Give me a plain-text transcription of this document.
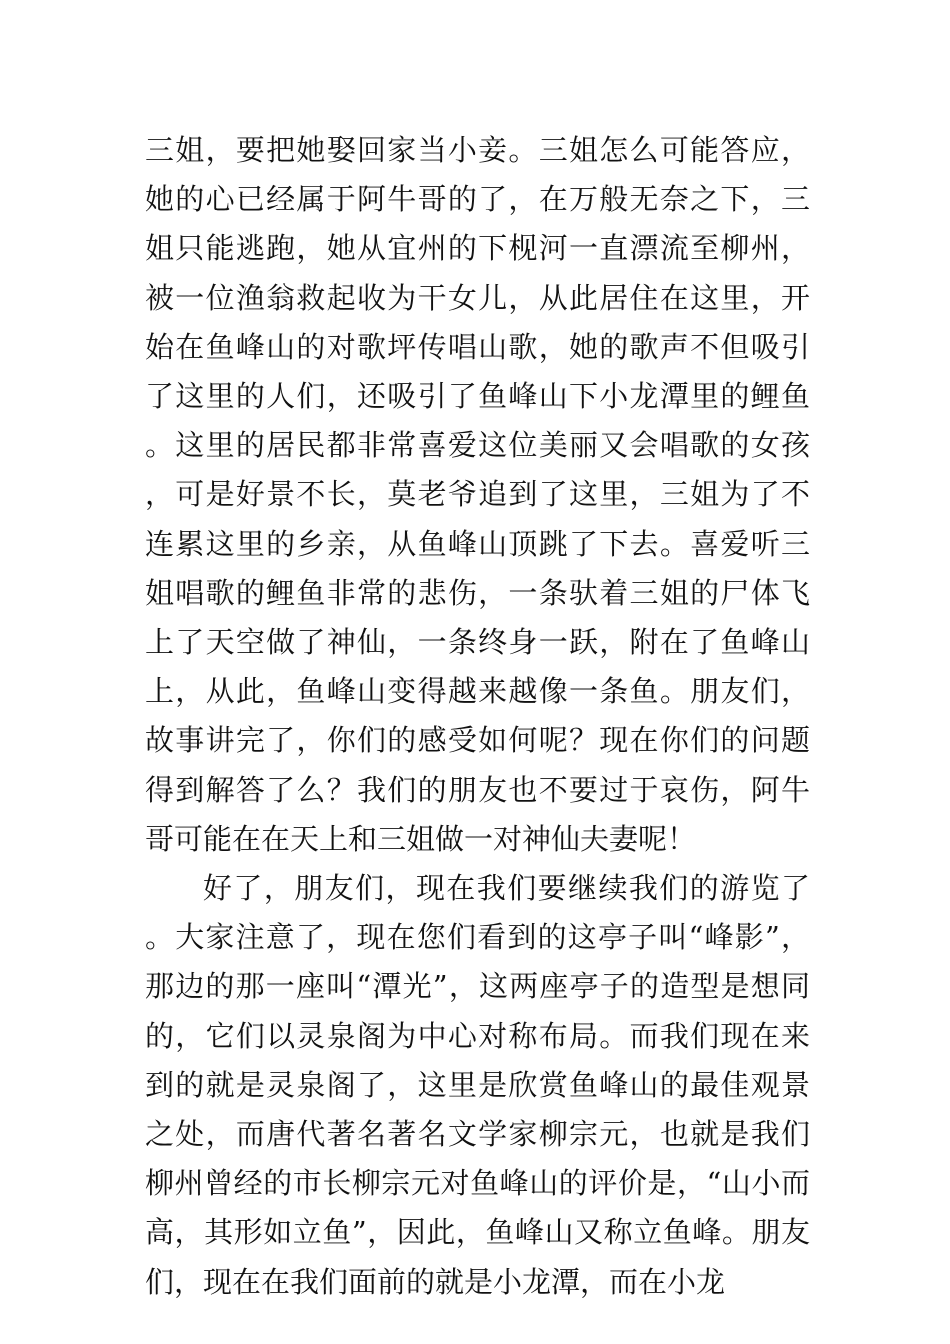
三姐，要把她娶回家当小妾。三姐怎么可能答应，她的心已经属于阿牛哥的了，在万般无奈之下，三姐只能逃跑，她从宜州的下枧河一直漂流至柳州，被一位渔翁救起收为干女儿，从此居住在这里，开始在鱼峰山的对歌坪传唱山歌，她的歌声不但吸引了这里的人们，还吸引了鱼峰山下小龙潭里的鲤鱼。这里的居民都非常喜爱这位美丽又会唱歌的女孩，可是好景不长，莫老爷追到了这里，三姐为了不连累这里的乡亲，从鱼峰山顶跳了下去。喜爱听三姐唱歌的鲤鱼非常的悲伤，一条驮着三姐的尸体飞上了天空做了神仙，一条终身一跃，附在了鱼峰山上，从此，鱼峰山变得越来越像一条鱼。朋友们，故事讲完了，你们的感受如何呢？现在你们的问题得到解答了么？我们的朋友也不要过于哀伤，阿牛哥可能在在天上和三姐做一对神仙夫妻呢！

好了，朋友们，现在我们要继续我们的游览了。大家注意了，现在您们看到的这亭子叫“峰影”，那边的那一座叫“潭光”，这两座亭子的造型是想同的，它们以灵泉阁为中心对称布局。而我们现在来到的就是灵泉阁了，这里是欣赏鱼峰山的最佳观景之处，而唐代著名著名文学家柳宗元，也就是我们柳州曾经的市长柳宗元对鱼峰山的评价是，“山小而高，其形如立鱼”，因此，鱼峰山又称立鱼峰。朋友们，现在在我们面前的就是小龙潭，而在小龙
